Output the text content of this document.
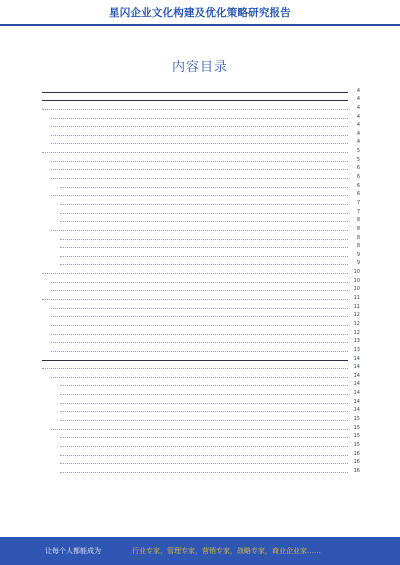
星闪企业文化构建及优化策略研究报告
内容目录
4
4
4
4
4
4
4
5
5
6
6
6
6
7
7
8
8
8
8
9
9
10
10
10
11
11
12
12
12
13
13
14
14
14
14
14
14
14
15
15
15
15
16
16
16
让每个人都能成为	行业专家，管理专家，营销专家，战略专家，商业企业家……
